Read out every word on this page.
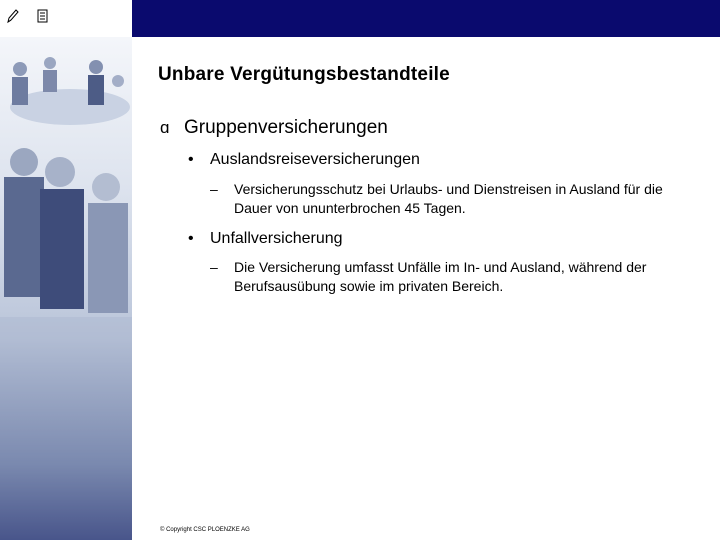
Unbare Vergütungsbestandteile
ɑ Gruppenversicherungen
•	Auslandsreiseversicherungen
–	Versicherungsschutz bei Urlaubs- und Dienstreisen in Ausland für die Dauer von ununterbrochen 45 Tagen.
•	Unfallversicherung
–	Die Versicherung umfasst Unfälle im In- und Ausland, während der Berufsausübung sowie im privaten Bereich.
© Copyright CSC PLOENZKE AG
